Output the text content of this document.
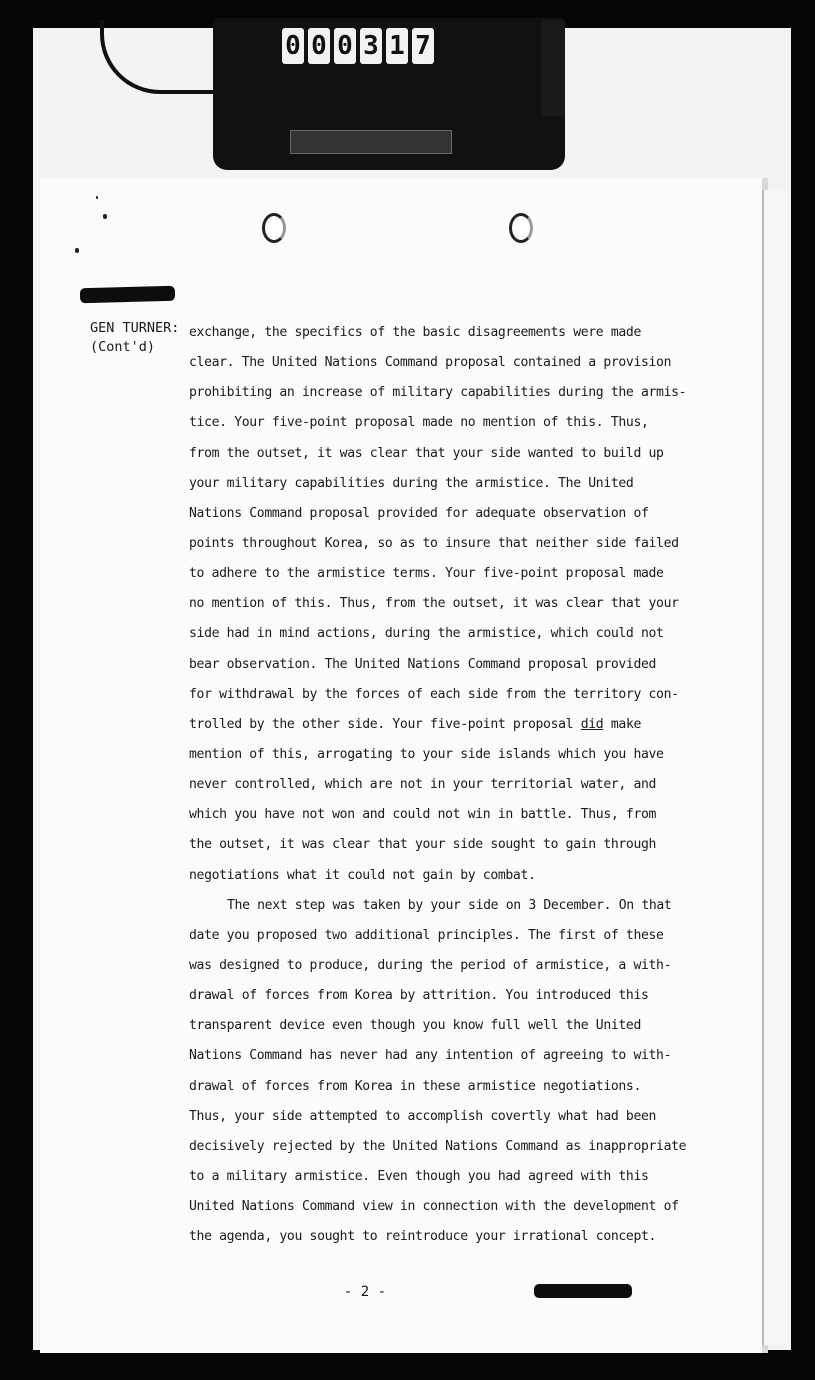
0 0 0 3 1 7
GEN TURNER:
(Cont'd)
exchange, the specifics of the basic disagreements were made
clear. The United Nations Command proposal contained a provision
prohibiting an increase of military capabilities during the armis-
tice. Your five-point proposal made no mention of this. Thus,
from the outset, it was clear that your side wanted to build up
your military capabilities during the armistice. The United
Nations Command proposal provided for adequate observation of
points throughout Korea, so as to insure that neither side failed
to adhere to the armistice terms. Your five-point proposal made
no mention of this. Thus, from the outset, it was clear that your
side had in mind actions, during the armistice, which could not
bear observation. The United Nations Command proposal provided
for withdrawal by the forces of each side from the territory con-
trolled by the other side. Your five-point proposal did make
mention of this, arrogating to your side islands which you have
never controlled, which are not in your territorial water, and
which you have not won and could not win in battle. Thus, from
the outset, it was clear that your side sought to gain through
negotiations what it could not gain by combat.
The next step was taken by your side on 3 December. On that
date you proposed two additional principles. The first of these
was designed to produce, during the period of armistice, a with-
drawal of forces from Korea by attrition. You introduced this
transparent device even though you know full well the United
Nations Command has never had any intention of agreeing to with-
drawal of forces from Korea in these armistice negotiations.
Thus, your side attempted to accomplish covertly what had been
decisively rejected by the United Nations Command as inappropriate
to a military armistice. Even though you had agreed with this
United Nations Command view in connection with the development of
the agenda, you sought to reintroduce your irrational concept.
- 2 -
